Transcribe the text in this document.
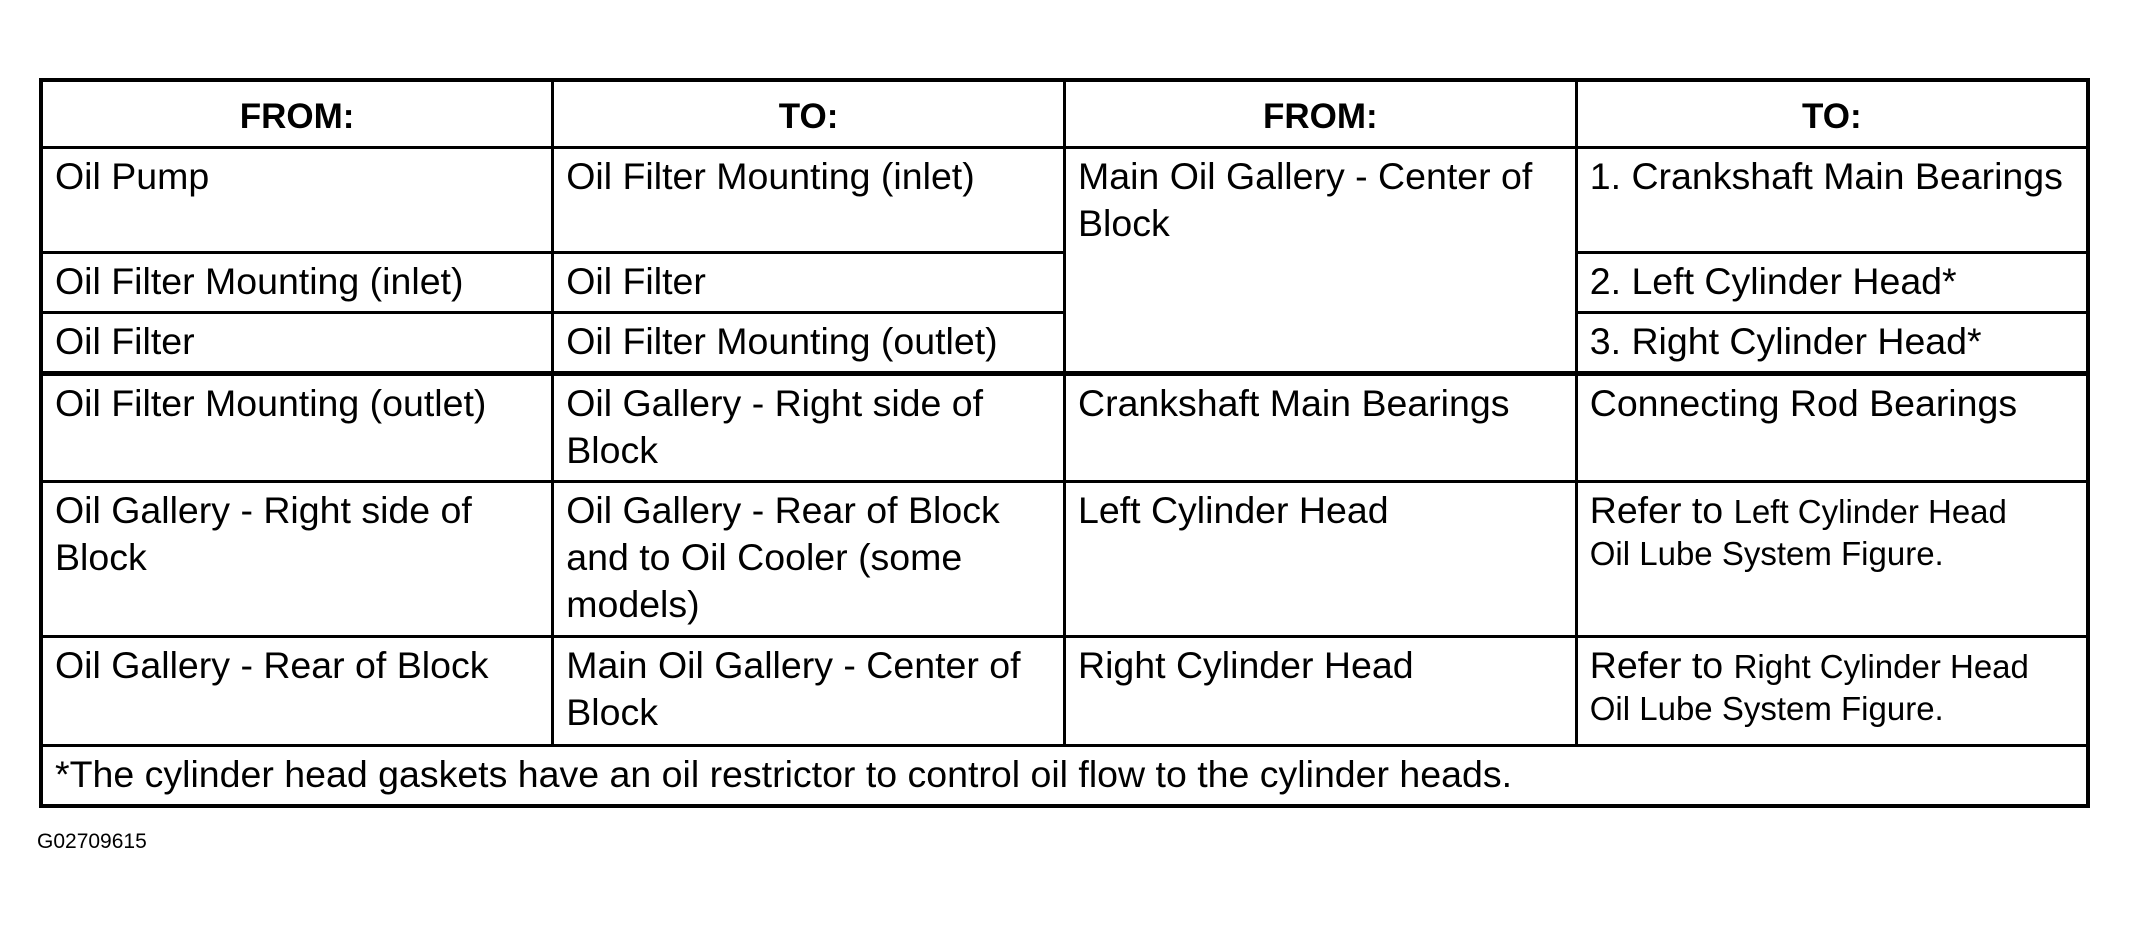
FROM:	TO:	FROM:	TO:
Oil Pump	Oil Filter Mounting (inlet)	Main Oil Gallery - Center of Block	1. Crankshaft Main Bearings
Oil Filter Mounting (inlet)	Oil Filter		2. Left Cylinder Head*
Oil Filter	Oil Filter Mounting (outlet)		3. Right Cylinder Head*
Oil Filter Mounting (outlet)	Oil Gallery - Right side of Block	Crankshaft Main Bearings	Connecting Rod Bearings
Oil Gallery - Right side of Block	Oil Gallery - Rear of Block and to Oil Cooler (some models)	Left Cylinder Head	Refer to Left Cylinder Head
Oil Lube System Figure.

Oil Gallery - Rear of Block	Main Oil Gallery - Center of Block	Right Cylinder Head	Refer to Right Cylinder Head
Oil Lube System Figure.

*The cylinder head gaskets have an oil restrictor to control oil flow to the cylinder heads.			
G02709615
